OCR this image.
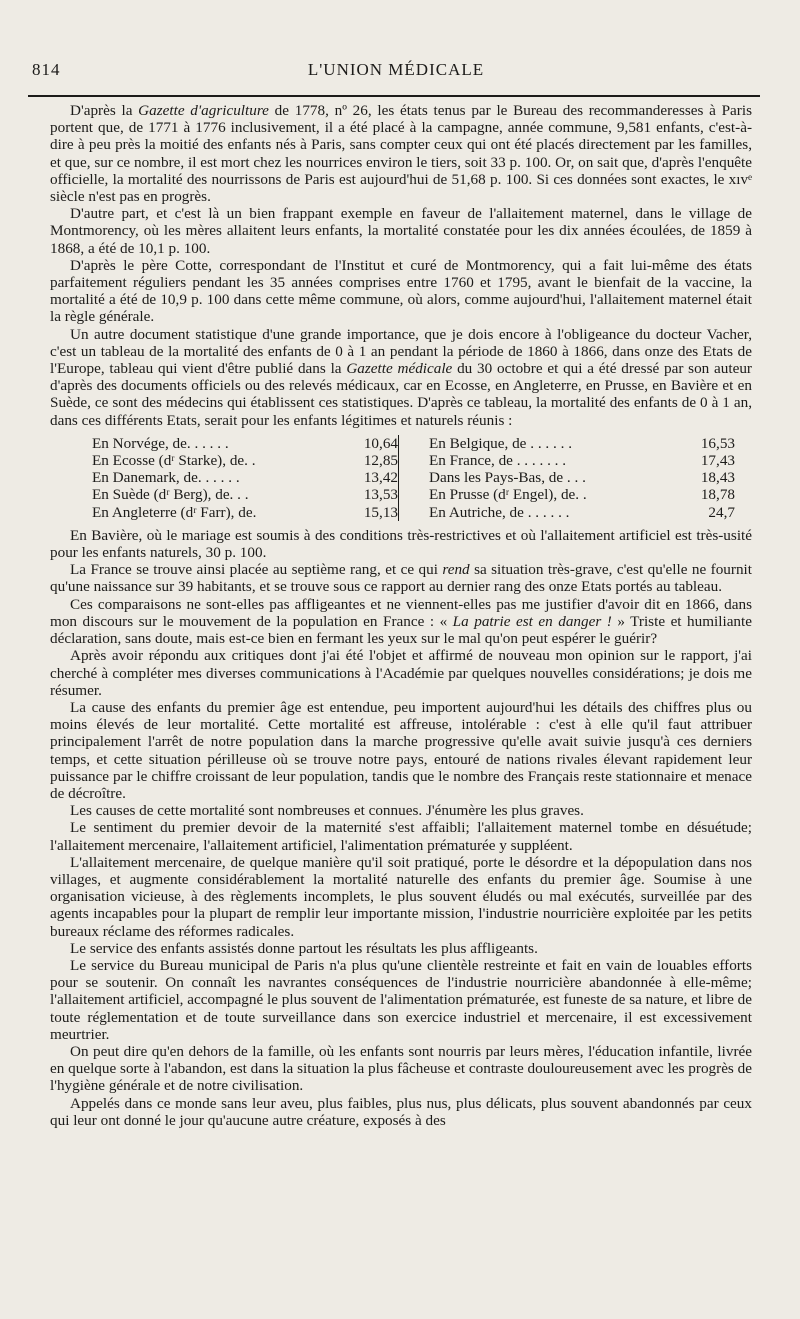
814	L'UNION MÉDICALE

D'après la Gazette d'agriculture de 1778, nº 26, les états tenus par le Bureau des recommanderesses à Paris portent que, de 1771 à 1776 inclusivement, il a été placé à la campagne, année commune, 9,581 enfants, c'est-à-dire à peu près la moitié des enfants nés à Paris, sans compter ceux qui ont été placés directement par les familles, et que, sur ce nombre, il est mort chez les nourrices environ le tiers, soit 33 p. 100. Or, on sait que, d'après l'enquête officielle, la mortalité des nourrissons de Paris est aujourd'hui de 51,68 p. 100. Si ces données sont exactes, le xıvᵉ siècle n'est pas en progrès.

D'autre part, et c'est là un bien frappant exemple en faveur de l'allaitement maternel, dans le village de Montmorency, où les mères allaitent leurs enfants, la mortalité constatée pour les dix années écoulées, de 1859 à 1868, a été de 10,1 p. 100.

D'après le père Cotte, correspondant de l'Institut et curé de Montmorency, qui a fait lui-même des états parfaitement réguliers pendant les 35 années comprises entre 1760 et 1795, avant le bienfait de la vaccine, la mortalité a été de 10,9 p. 100 dans cette même commune, où alors, comme aujourd'hui, l'allaitement maternel était la règle générale.

Un autre document statistique d'une grande importance, que je dois encore à l'obligeance du docteur Vacher, c'est un tableau de la mortalité des enfants de 0 à 1 an pendant la période de 1860 à 1866, dans onze des Etats de l'Europe, tableau qui vient d'être publié dans la Gazette médicale du 30 octobre et qui a été dressé par son auteur d'après des documents officiels ou des relevés médicaux, car en Ecosse, en Angleterre, en Prusse, en Bavière et en Suède, ce sont des médecins qui établissent ces statistiques. D'après ce tableau, la mortalité des enfants de 0 à 1 an, dans ces différents Etats, serait pour les enfants légitimes et naturels réunis :

En Norvége, de. . . . . .	10,64
En Ecosse (dʳ Starke), de. .	12,85
En Danemark, de. . . . . .	13,42
En Suède (dʳ Berg), de. . .	13,53
En Angleterre (dʳ Farr), de.	15,13
En Belgique, de . . . . . .	16,53
En France, de . . . . . . .	17,43
Dans les Pays-Bas, de . . .	18,43
En Prusse (dʳ Engel), de. .	18,78
En Autriche, de . . . . . .	24,7

En Bavière, où le mariage est soumis à des conditions très-restrictives et où l'allaitement artificiel est très-usité pour les enfants naturels, 30 p. 100.

La France se trouve ainsi placée au septième rang, et ce qui rend sa situation très-grave, c'est qu'elle ne fournit qu'une naissance sur 39 habitants, et se trouve sous ce rapport au dernier rang des onze Etats portés au tableau.

Ces comparaisons ne sont-elles pas affligeantes et ne viennent-elles pas me justifier d'avoir dit en 1866, dans mon discours sur le mouvement de la population en France : « La patrie est en danger ! » Triste et humiliante déclaration, sans doute, mais est-ce bien en fermant les yeux sur le mal qu'on peut espérer le guérir?

Après avoir répondu aux critiques dont j'ai été l'objet et affirmé de nouveau mon opinion sur le rapport, j'ai cherché à compléter mes diverses communications à l'Académie par quelques nouvelles considérations; je dois me résumer.

La cause des enfants du premier âge est entendue, peu importent aujourd'hui les détails des chiffres plus ou moins élevés de leur mortalité. Cette mortalité est affreuse, intolérable : c'est à elle qu'il faut attribuer principalement l'arrêt de notre population dans la marche progressive qu'elle avait suivie jusqu'à ces derniers temps, et cette situation périlleuse où se trouve notre pays, entouré de nations rivales élevant rapidement leur puissance par le chiffre croissant de leur population, tandis que le nombre des Français reste stationnaire et menace de décroître.

Les causes de cette mortalité sont nombreuses et connues. J'énumère les plus graves.

Le sentiment du premier devoir de la maternité s'est affaibli; l'allaitement maternel tombe en désuétude; l'allaitement mercenaire, l'allaitement artificiel, l'alimentation prématurée y suppléent.

L'allaitement mercenaire, de quelque manière qu'il soit pratiqué, porte le désordre et la dépopulation dans nos villages, et augmente considérablement la mortalité naturelle des enfants du premier âge. Soumise à une organisation vicieuse, à des règlements incomplets, le plus souvent éludés ou mal exécutés, surveillée par des agents incapables pour la plupart de remplir leur importante mission, l'industrie nourricière exploitée par les petits bureaux réclame des réformes radicales.

Le service des enfants assistés donne partout les résultats les plus affligeants.

Le service du Bureau municipal de Paris n'a plus qu'une clientèle restreinte et fait en vain de louables efforts pour se soutenir. On connaît les navrantes conséquences de l'industrie nourricière abandonnée à elle-même; l'allaitement artificiel, accompagné le plus souvent de l'alimentation prématurée, est funeste de sa nature, et libre de toute réglementation et de toute surveillance dans son exercice industriel et mercenaire, il est excessivement meurtrier.

On peut dire qu'en dehors de la famille, où les enfants sont nourris par leurs mères, l'éducation infantile, livrée en quelque sorte à l'abandon, est dans la situation la plus fâcheuse et contraste douloureusement avec les progrès de l'hygiène générale et de notre civilisation.

Appelés dans ce monde sans leur aveu, plus faibles, plus nus, plus délicats, plus souvent abandonnés par ceux qui leur ont donné le jour qu'aucune autre créature, exposés à des
